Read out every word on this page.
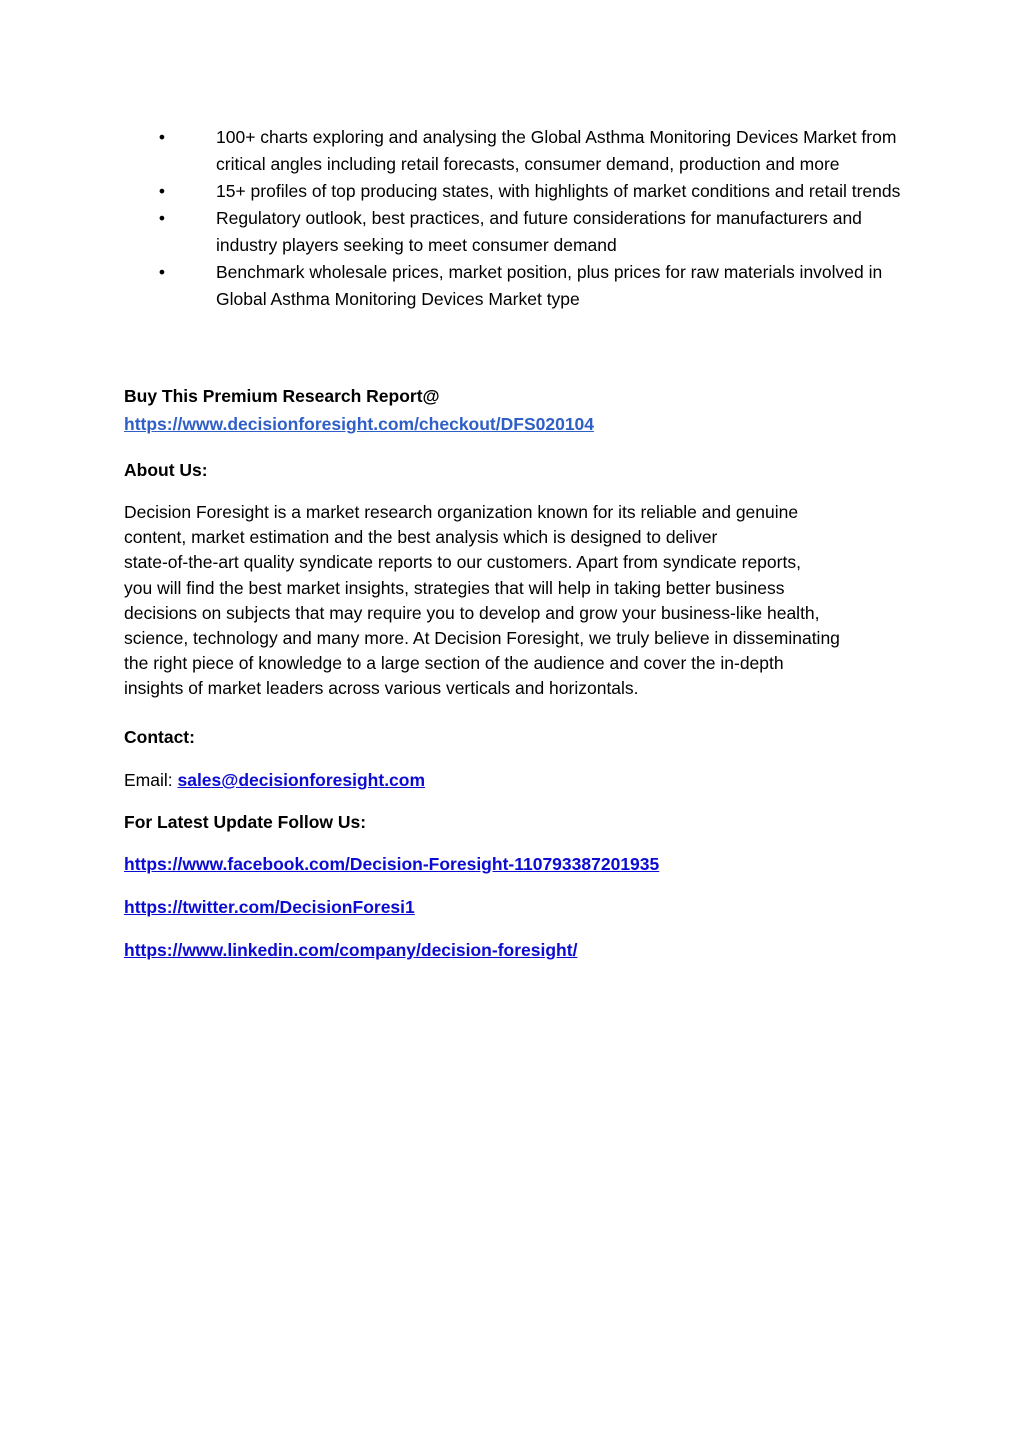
•	100+ charts exploring and analysing the Global Asthma Monitoring Devices Market from critical angles including retail forecasts, consumer demand, production and more
•	15+ profiles of top producing states, with highlights of market conditions and retail trends
•	Regulatory outlook, best practices, and future considerations for manufacturers and industry players seeking to meet consumer demand
•	Benchmark wholesale prices, market position, plus prices for raw materials involved in Global Asthma Monitoring Devices Market type
Buy This Premium Research Report@
https://www.decisionforesight.com/checkout/DFS020104
About Us:
Decision Foresight is a market research organization known for its reliable and genuine
content, market estimation and the best analysis which is designed to deliver
state-of-the-art quality syndicate reports to our customers. Apart from syndicate reports,
you will find the best market insights, strategies that will help in taking better business
decisions on subjects that may require you to develop and grow your business-like health,
science, technology and many more. At Decision Foresight, we truly believe in disseminating
the right piece of knowledge to a large section of the audience and cover the in-depth
insights of market leaders across various verticals and horizontals.
Contact:
Email: sales@decisionforesight.com
For Latest Update Follow Us:
https://www.facebook.com/Decision-Foresight-110793387201935
https://twitter.com/DecisionForesi1
https://www.linkedin.com/company/decision-foresight/
